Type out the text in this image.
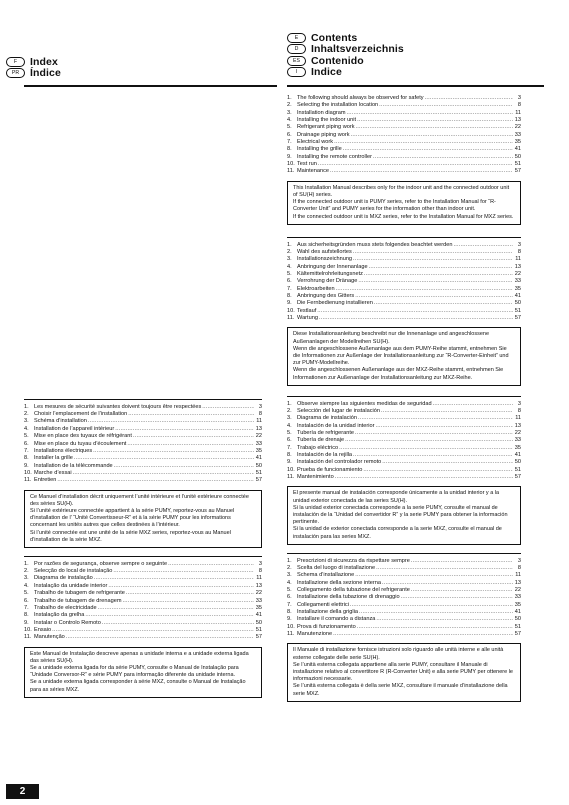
F	Index
PR	Índice
E	Contents
D	Inhaltsverzeichnis
ES	Contenido
I	Indice
1. The following should always be observed for safety .....	3
2. Selecting the installation location .....	8
3. Installation diagram .....	11
4. Installing the indoor unit .....	13
5. Refrigerant piping work .....	22
6. Drainage piping work .....	33
7. Electrical work .....	35
8. Installing the grille .....	41
9. Installing the remote controller .....	50
10. Test run .....	51
11. Maintenance .....	57

This Installation Manual describes only for the indoor unit and the connected outdoor unit of SU(H) series.

If the connected outdoor unit is PUMY series, refer to the Installation Manual for “R-Converter Unit” and PUMY series for the information other than indoor unit.

If the connected outdoor unit is MXZ series, refer to the Installation Manual for MXZ series.

1. Aus sicherheitsgründen muss stets folgendes beachtet werden .....	3
2. Wahl des aufstellortes .....	8
3. Installationszeichnung .....	11
4. Anbringung der Innenanlage .....	13
5. Kältemittelrohrleitungsnetz .....	22
6. Verrohrung der Dränage .....	33
7. Elektroarbeiten .....	35
8. Anbringung des Gitters .....	41
9. Die Fernbedienung installieren .....	50
10. Testlauf .....	51
11. Wartung .....	57

Diese Installationsanleitung beschreibt nur die Innenanlage und angeschlossene Außenanlagen der Modellreihen SU(H).

Wenn die angeschlossene Außenanlage aus dem PUMY-Reihe stammt, entnehmen Sie die Informationen zur Außenlage der Installationsanleitung zur “R-Converter-Einheit” und zur PUMY-Modellreihe.

Wenn die angeschlossenen Außenanlage aus der MXZ-Reihe stammt, entnehmen Sie Informationen zur Außenanlage der Installationsanleitung zur MXZ-Reihe.

1. Observe siempre las siguientes medidas de seguridad .....	3
2. Selección del lugar de instalación .....	8
3. Diagrama de instalación .....	11
4. Instalación de la unidad interior .....	13
5. Tubería de refrigerante .....	22
6. Tubería de drenaje .....	33
7. Trabajo eléctrico .....	35
8. Instalación de la rejilla .....	41
9. Instalación del controlador remoto .....	50
10. Prueba de funcionamiento .....	51
11. Mantenimiento .....	57

El presente manual de instalación corresponde únicamente a la unidad interior y a la unidad exterior conectada de las series SU(H).

Si la unidad exterior conectada corresponde a la serie PUMY, consulte el manual de instalación de la “Unidad del convertidor R” y la serie PUMY para obtener la información pertinente.

Si la unidad de exterior conectada corresponde a la serie MXZ, consulte el manual de instalación para las series MXZ.

1. Prescrizioni di sicurezza da rispettare sempre .....	3
2. Scelta del luogo di installazione .....	8
3. Schema d’installazione .....	11
4. Installazione della sezione interna .....	13
5. Collegamento della tubazione del refrigerante .....	22
6. Installazione della tubazione di drenaggio .....	33
7. Collegamenti elettrici .....	35
8. Installazione della griglia .....	41
9. Installare il comando a distanza .....	50
10. Prova di funzionamento .....	51
11. Manutenzione .....	57

Il Manuale di installazione fornisce istruzioni solo riguardo alle unità interne e alle unità esterne collegate delle serie SU(H).

Se l’unità esterna collegata appartiene alla serie PUMY, consultare il Manuale di installazione relativo al convertitore R (R-Converter Unit) e alla serie PUMY per ottenere le informazioni necessarie.

Se l’unità esterna collegata è della serie MXZ, consultare il manuale d’installazione della serie MXZ.

1. Les mesures de sécurité suivantes doivent toujours être respectées .....	3
2. Choisir l’emplacement de l’installation .....	8
3. Schéma d’installation .....	11
4. Installation de l’appareil intérieur .....	13
5. Mise en place des tuyaux de réfrigérant .....	22
6. Mise en place du tuyau d’écoulement .....	33
7. Installations électriques .....	35
8. Installer la grille .....	41
9. Installation de la télécommande .....	50
10. Marche d’essai .....	51
11. Entretien .....	57

Ce Manuel d’installation décrit uniquement l’unité intérieure et l’unité extérieure connectée des séries SU(H).

Si l’unité extérieure connectée appartient à la série PUMY, reportez-vous au Manuel d’installation de l’ “Unité Convertisseur-R” et à la série PUMY pour les informations concernant les unités autres que celles destinées à l’intérieur.

Si l’unité connectée est une unité de la série MXZ series, reportez-vous au Manuel d’installation de la série MXZ.

1. Por razões de segurança, observe sempre o seguinte .....	3
2. Selecção do local de instalação .....	8
3. Diagrama de instalação .....	11
4. Instalação da unidade interior .....	13
5. Trabalho de tubagem de refrigerante .....	22
6. Trabalho de tubagem de drenagem .....	33
7. Trabalho de electricidade .....	35
8. Instalação da grelha .....	41
9. Instalar o Controlo Remoto .....	50
10. Ensaio .....	51
11. Manutenção .....	57

Este Manual de Instalação descreve apenas a unidade interna e a unidade externa ligada das séries SU(H).

Se a unidade externa ligada for da série PUMY, consulte o Manual de Instalação para “Unidade Conversor-R” e série PUMY para informação diferente da unidade interna.

Se a unidade externa ligada corresponder à série MXZ, consulte o Manual de Instalação para as séries MXZ.

2
